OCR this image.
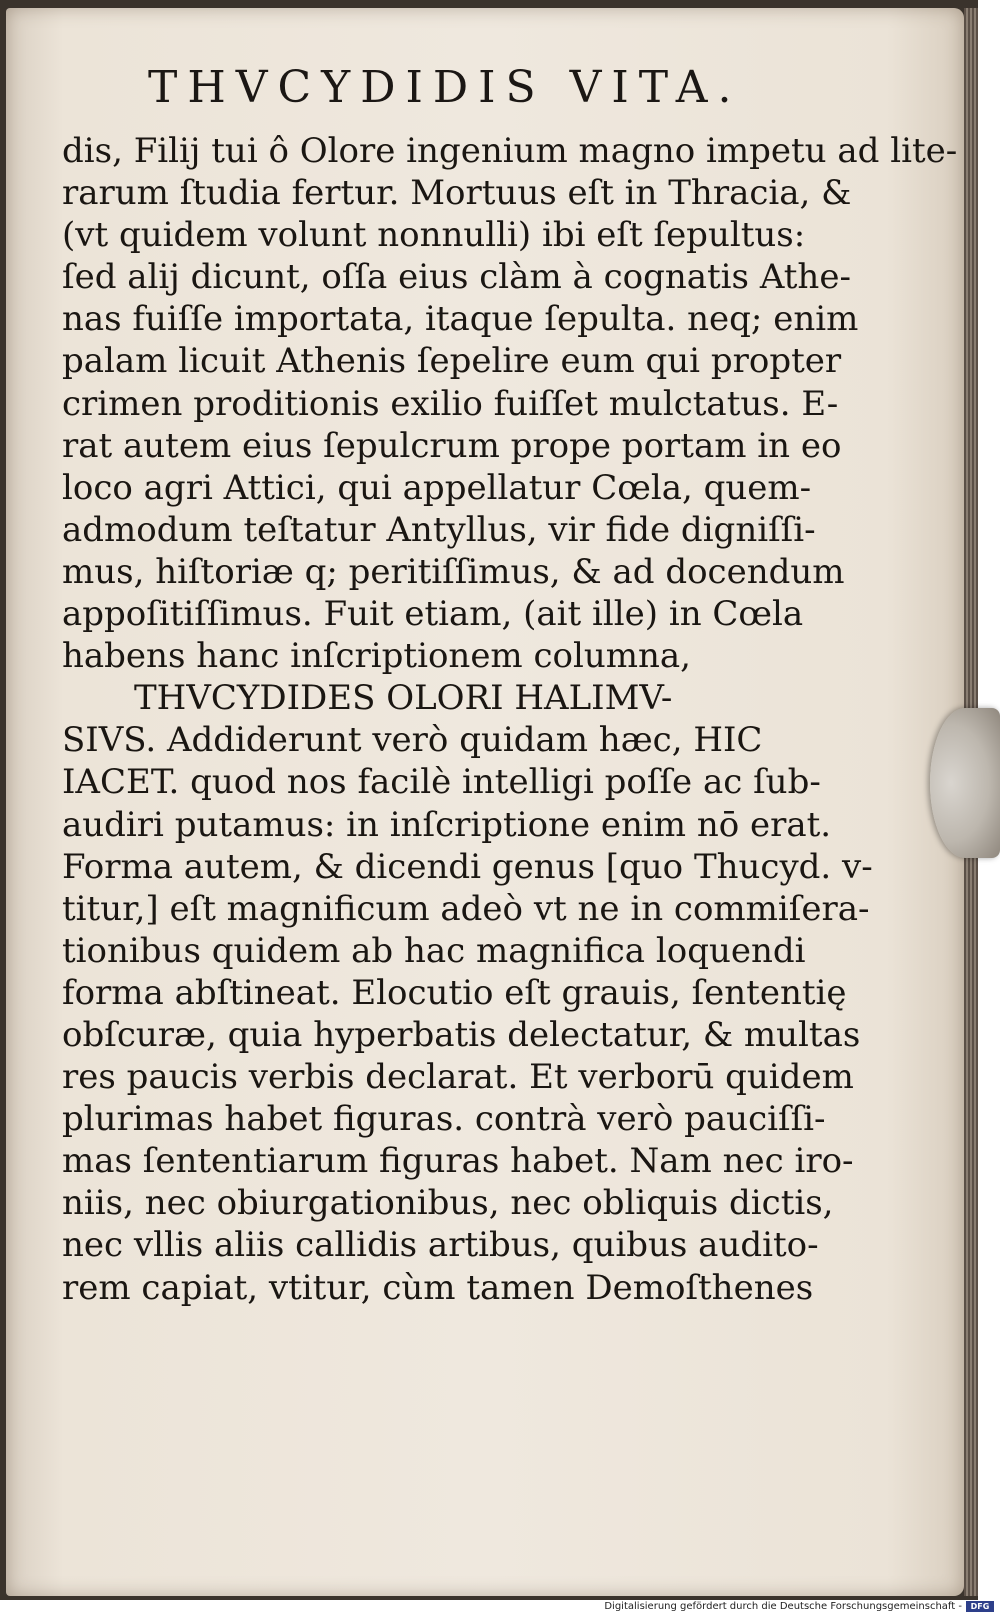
THVCYDIDIS VITA.
dis, Filij tui ô Olore ingenium magno impetu ad lite-
rarum ſtudia fertur. Mortuus eſt in Thracia, &
(vt quidem volunt nonnulli) ibi eſt ſepultus:
ſed alij dicunt, oſſa eius clàm à cognatis Athe-
nas fuiſſe importata, itaque ſepulta. neq; enim
palam licuit Athenis ſepelire eum qui propter
crimen proditionis exilio fuiſſet mulctatus. E-
rat autem eius ſepulcrum prope portam in eo
loco agri Attici, qui appellatur Cœla, quem-
admodum teſtatur Antyllus, vir fide digniſſi-
mus, hiſtoriæ q; peritiſſimus, & ad docendum
appoſitiſſimus. Fuit etiam, (ait ille) in Cœla
habens hanc inſcriptionem columna,
THVCYDIDES OLORI HALIMV-
SIVS. Addiderunt verò quidam hæc, HIC
IACET. quod nos facilè intelligi poſſe ac ſub-
audiri putamus: in inſcriptione enim nō erat.
Forma autem, & dicendi genus [quo Thucyd. v-
titur,] eſt magnificum adeò vt ne in commiſera-
tionibus quidem ab hac magnifica loquendi
forma abſtineat. Elocutio eſt grauis, ſententię
obſcuræ, quia hyperbatis delectatur, & multas
res paucis verbis declarat. Et verborū quidem
plurimas habet figuras. contrà verò pauciſſi-
mas ſententiarum figuras habet. Nam nec iro-
niis, nec obiurgationibus, nec obliquis dictis,
nec vllis aliis callidis artibus, quibus audito-
rem capiat, vtitur, cùm tamen Demoſthenes
Digitalisierung gefördert durch die Deutsche Forschungsgemeinschaft -	DFG
